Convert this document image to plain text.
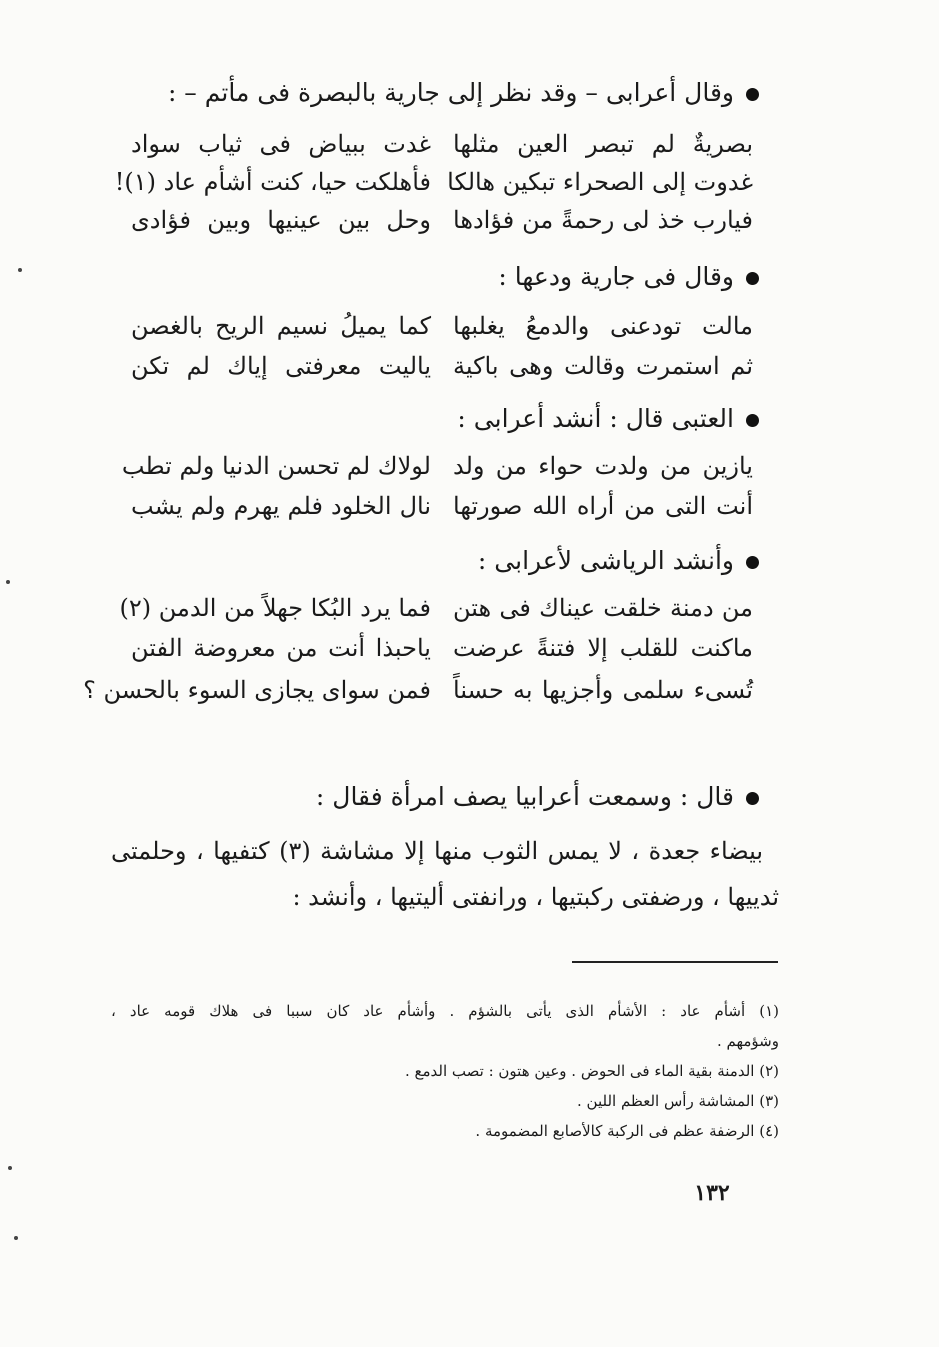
وقال أعرابى – وقد نظر إلى جارية بالبصرة فى مأتم – :
بصريةٌ لم تبصر العين مثلها
غدت ببياض فى ثياب سواد
غدوت إلى الصحراء تبكين هالكا
فأهلكت حيا، كنت أشأم عاد (١)!
فيارب خذ لى رحمةً من فؤادها
وحل بين عينيها وبين فؤادى
وقال فى جارية ودعها :
مالت تودعنى والدمعُ يغلبها
كما يميلُ نسيم الريح بالغصن
ثم استمرت وقالت وهى باكية
ياليت معرفتى إياك لم تكن
العتبى قال : أنشد أعرابى :
يازين من ولدت حواء من ولد
لولاك لم تحسن الدنيا ولم تطب
أنت التى من أراه الله صورتها
نال الخلود فلم يهرم ولم يشب
وأنشد الرياشى لأعرابى :
من دمنة خلقت عيناك فى هتن
فما يرد البُكا جهلاً من الدمن (٢)
ماكنت للقلب إلا فتنةً عرضت
ياحبذا أنت من معروضة الفتن
تُسىء سلمى وأجزيها به حسناً
فمن سواى يجازى السوء بالحسن ؟
قال : وسمعت أعرابيا يصف امرأة فقال :

بيضاء جعدة ، لا يمس الثوب منها إلا مشاشة (٣) كتفيها ، وحلمتى

ثدييها ، ورضفتى ركبتيها ، ورانفتى أليتيها ، وأنشد :

(١) أشأم عاد : الأشأم الذى يأتى بالشؤم . وأشأم عاد كان سببا فى هلاك قومه عاد ،
وشؤمهم .
(٢) الدمنة بقية الماء فى الحوض . وعين هتون : تصب الدمع .
(٣) المشاشة رأس العظم اللين .
(٤) الرضفة عظم فى الركبة كالأصابع المضمومة .
١٣٢
